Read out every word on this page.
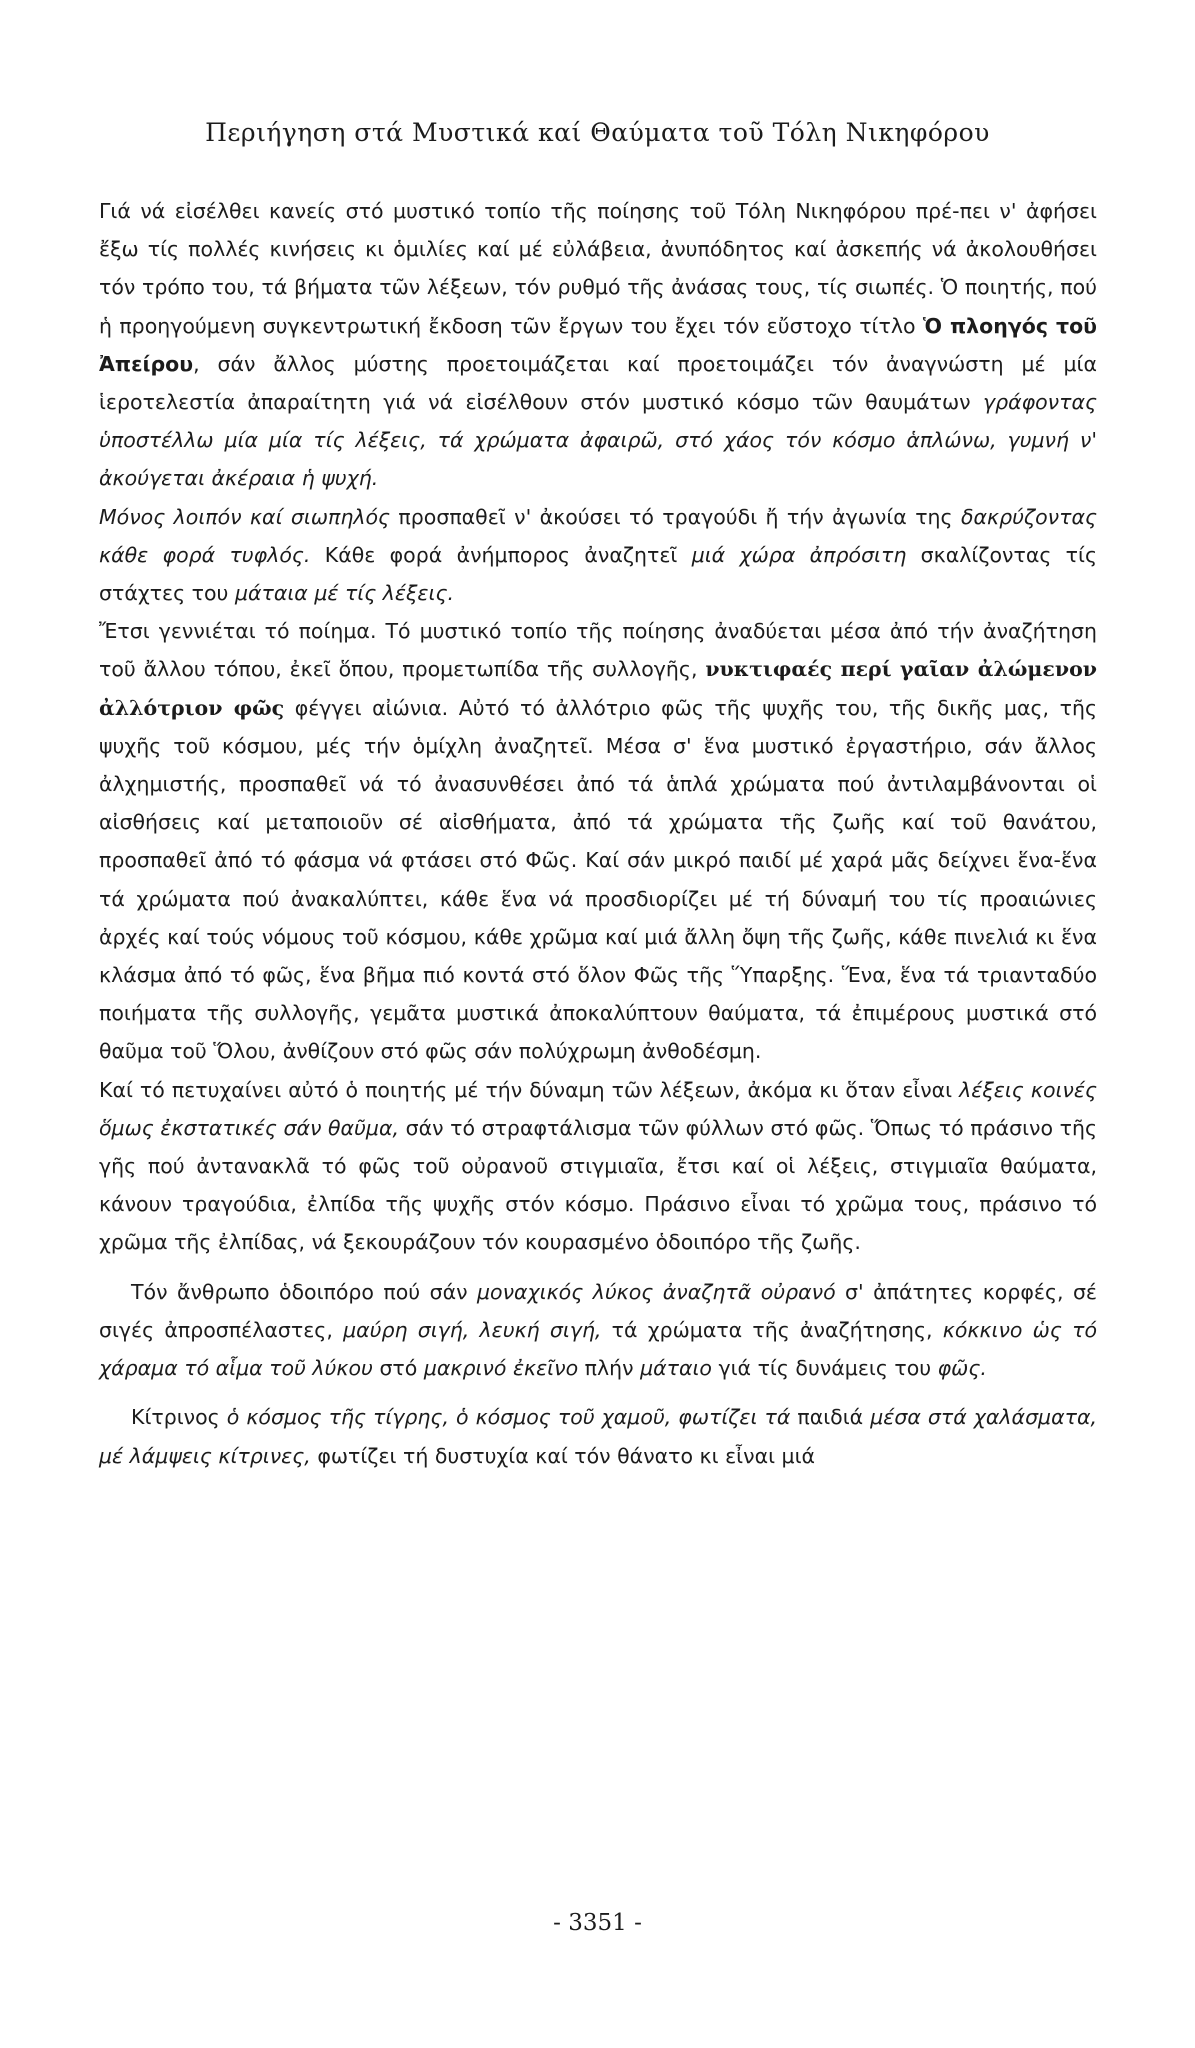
Περιήγηση στά Μυστικά καί Θαύματα τοῦ Τόλη Νικηφόρου

Γιά νά εἰσέλθει κανείς στό μυστικό τοπίο τῆς ποίησης τοῦ Τόλη Νικηφόρου πρέ-πει ν' ἀφήσει ἔξω τίς πολλές κινήσεις κι ὁμιλίες καί μέ εὐλάβεια, ἀνυπόδητος καί ἀσκεπής νά ἀκολουθήσει τόν τρόπο του, τά βήματα τῶν λέξεων, τόν ρυθμό τῆς ἀνάσας τους, τίς σιωπές. Ὁ ποιητής, πού ἡ προηγούμενη συγκεντρωτική ἔκδοση τῶν ἔργων του ἔχει τόν εὔστοχο τίτλο Ὁ πλοηγός τοῦ Ἀπείρου, σάν ἄλλος μύστης προετοιμάζεται καί προετοιμάζει τόν ἀναγνώστη μέ μία ἱεροτελεστία ἀπαραίτητη γιά νά εἰσέλθουν στόν μυστικό κόσμο τῶν θαυμάτων γράφοντας ὑποστέλλω μία μία τίς λέξεις, τά χρώματα ἀφαιρῶ, στό χάος τόν κόσμο ἁπλώνω, γυμνή ν' ἀκούγεται ἀκέραια ἡ ψυχή.

Μόνος λοιπόν καί σιωπηλός προσπαθεῖ ν' ἀκούσει τό τραγούδι ἤ τήν ἀγωνία της δακρύζοντας κάθε φορά τυφλός. Κάθε φορά ἀνήμπορος ἀναζητεῖ μιά χώρα ἀπρόσιτη σκαλίζοντας τίς στάχτες του μάταια μέ τίς λέξεις.

Ἔτσι γεννιέται τό ποίημα. Τό μυστικό τοπίο τῆς ποίησης ἀναδύεται μέσα ἀπό τήν ἀναζήτηση τοῦ ἄλλου τόπου, ἐκεῖ ὅπου, προμετωπίδα τῆς συλλογῆς, νυκτιφαές περί γαῖαν ἀλώμενον ἀλλότριον φῶς φέγγει αἰώνια. Αὐτό τό ἀλλότριο φῶς τῆς ψυχῆς του, τῆς δικῆς μας, τῆς ψυχῆς τοῦ κόσμου, μές τήν ὁμίχλη ἀναζητεῖ. Μέσα σ' ἕνα μυστικό ἐργαστήριο, σάν ἄλλος ἀλχημιστής, προσπαθεῖ νά τό ἀνασυνθέσει ἀπό τά ἁπλά χρώματα πού ἀντιλαμβάνονται οἱ αἰσθήσεις καί μεταποιοῦν σέ αἰσθήματα, ἀπό τά χρώματα τῆς ζωῆς καί τοῦ θανάτου, προσπαθεῖ ἀπό τό φάσμα νά φτάσει στό Φῶς. Καί σάν μικρό παιδί μέ χαρά μᾶς δείχνει ἕνα-ἕνα τά χρώματα πού ἀνακαλύπτει, κάθε ἕνα νά προσδιορίζει μέ τή δύναμή του τίς προαιώνιες ἀρχές καί τούς νόμους τοῦ κόσμου, κάθε χρῶμα καί μιά ἄλλη ὄψη τῆς ζωῆς, κάθε πινελιά κι ἕνα κλάσμα ἀπό τό φῶς, ἕνα βῆμα πιό κοντά στό ὅλον Φῶς τῆς Ὕπαρξης. Ἕνα, ἕνα τά τριανταδύο ποιήματα τῆς συλλογῆς, γεμᾶτα μυστικά ἀποκαλύπτουν θαύματα, τά ἐπιμέρους μυστικά στό θαῦμα τοῦ Ὅλου, ἀνθίζουν στό φῶς σάν πολύχρωμη ἀνθοδέσμη.

Καί τό πετυχαίνει αὐτό ὁ ποιητής μέ τήν δύναμη τῶν λέξεων, ἀκόμα κι ὅταν εἶναι λέξεις κοινές ὅμως ἐκστατικές σάν θαῦμα, σάν τό στραφτάλισμα τῶν φύλλων στό φῶς. Ὅπως τό πράσινο τῆς γῆς πού ἀντανακλᾶ τό φῶς τοῦ οὐρανοῦ στιγμιαῖα, ἔτσι καί οἱ λέξεις, στιγμιαῖα θαύματα, κάνουν τραγούδια, ἐλπίδα τῆς ψυχῆς στόν κόσμο. Πράσινο εἶναι τό χρῶμα τους, πράσινο τό χρῶμα τῆς ἐλπίδας, νά ξεκουράζουν τόν κουρασμένο ὁδοιπόρο τῆς ζωῆς.

Τόν ἄνθρωπο ὁδοιπόρο πού σάν μοναχικός λύκος ἀναζητᾶ οὐρανό σ' ἀπάτητες κορφές, σέ σιγές ἀπροσπέλαστες, μαύρη σιγή, λευκή σιγή, τά χρώματα τῆς ἀναζήτησης, κόκκινο ὡς τό χάραμα τό αἷμα τοῦ λύκου στό μακρινό ἐκεῖνο πλήν μάταιο γιά τίς δυνάμεις του φῶς.

Κίτρινος ὁ κόσμος τῆς τίγρης, ὁ κόσμος τοῦ χαμοῦ, φωτίζει τά παιδιά μέσα στά χαλάσματα, μέ λάμψεις κίτρινες, φωτίζει τή δυστυχία καί τόν θάνατο κι εἶναι μιά

- 3351 -
